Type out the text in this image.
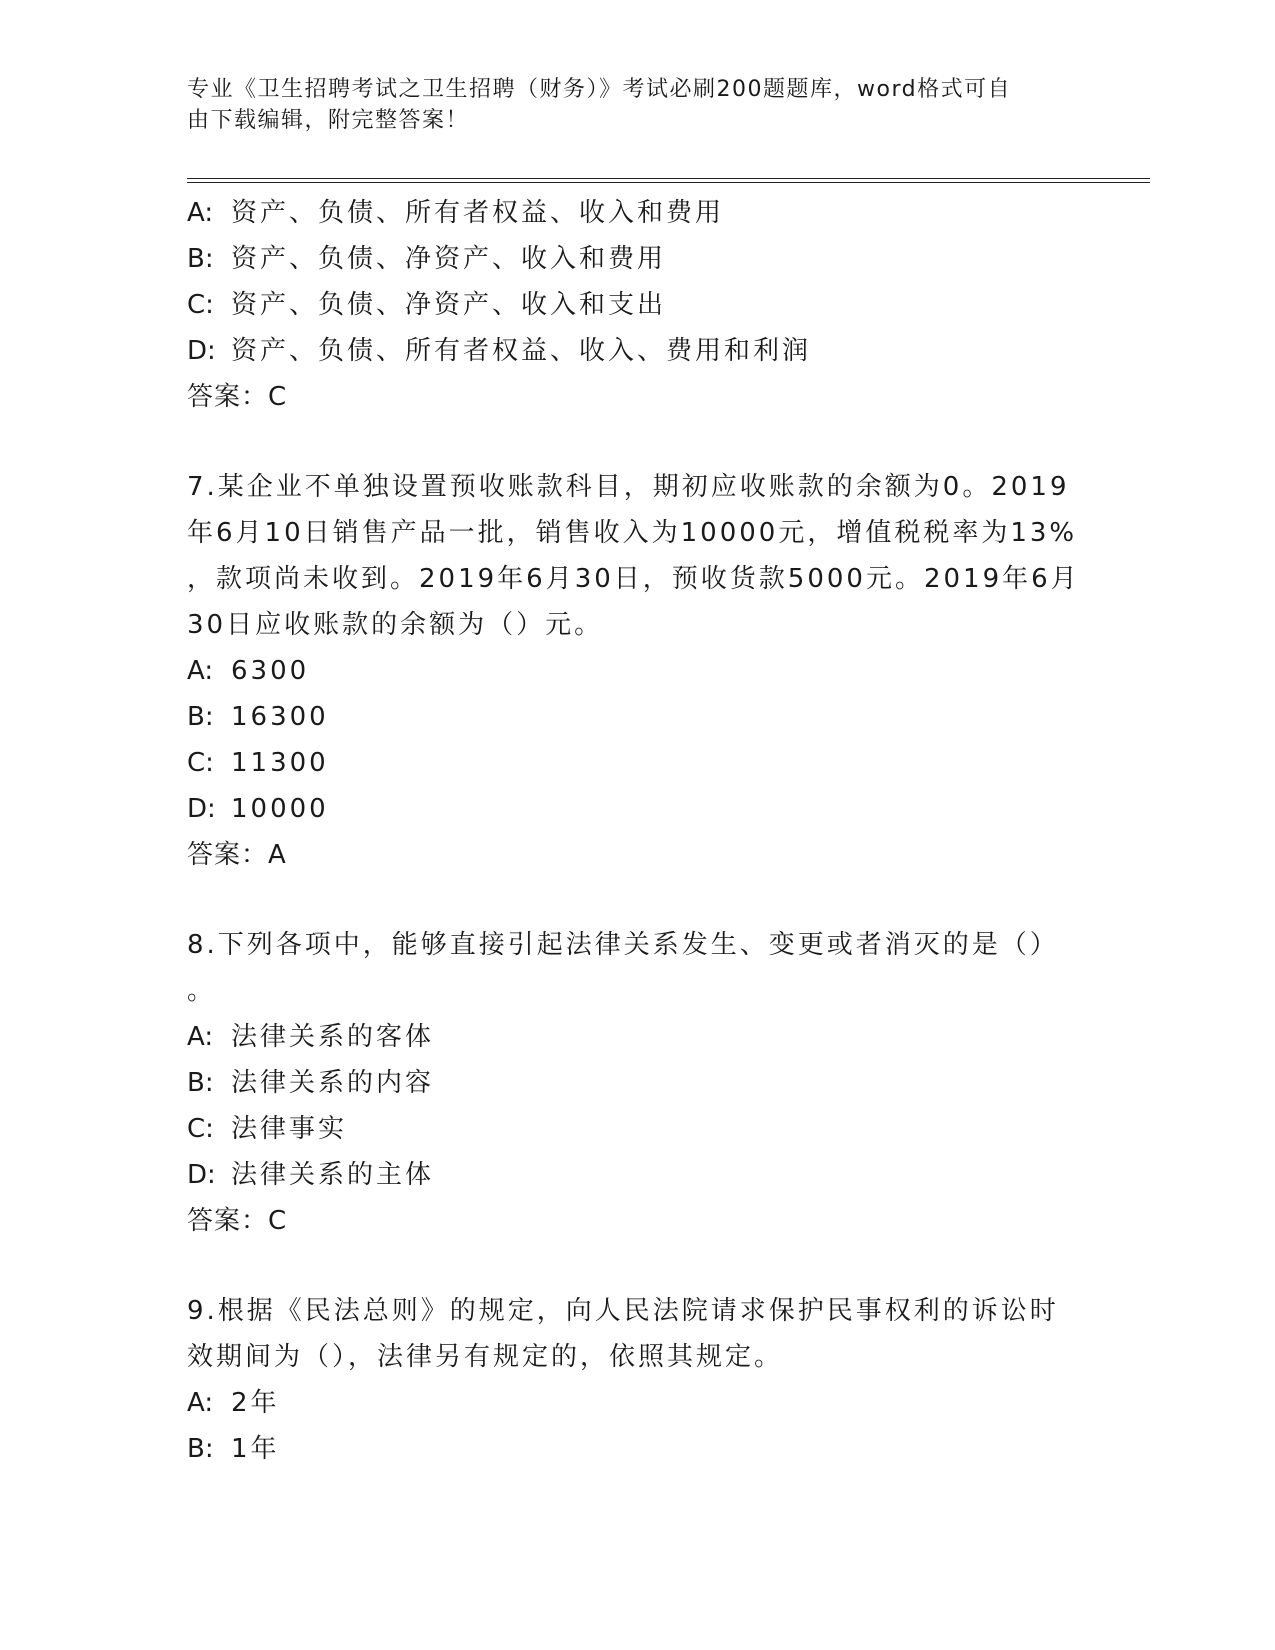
专业《卫生招聘考试之卫生招聘（财务）》考试必刷200题题库，word格式可自
由下载编辑，附完整答案！
A: 资产、负债、所有者权益、收入和费用
B: 资产、负债、净资产、收入和费用
C: 资产、负债、净资产、收入和支出
D: 资产、负债、所有者权益、收入、费用和利润
答案：C
7.某企业不单独设置预收账款科目，期初应收账款的余额为0。2019
年6月10日销售产品一批，销售收入为10000元，增值税税率为13%
，款项尚未收到。2019年6月30日，预收货款5000元。2019年6月
30日应收账款的余额为（）元。
A: 6300
B: 16300
C: 11300
D: 10000
答案：A
8.下列各项中，能够直接引起法律关系发生、变更或者消灭的是（）
。
A: 法律关系的客体
B: 法律关系的内容
C: 法律事实
D: 法律关系的主体
答案：C
9.根据《民法总则》的规定，向人民法院请求保护民事权利的诉讼时
效期间为（），法律另有规定的，依照其规定。
A: 2年
B: 1年
